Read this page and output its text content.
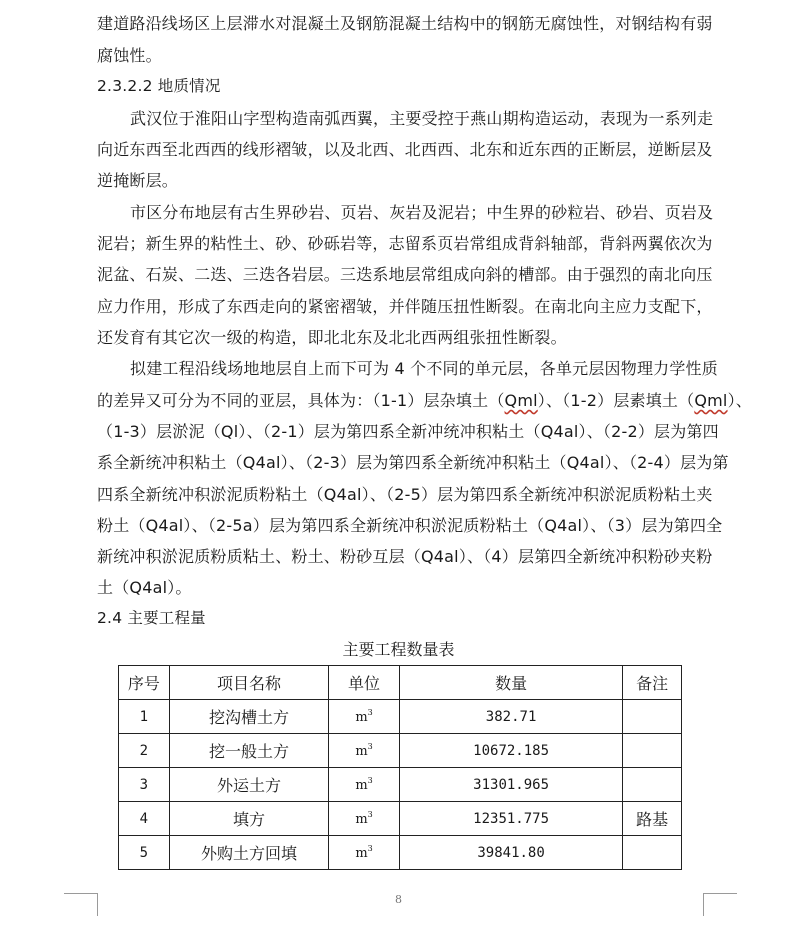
建道路沿线场区上层滞水对混凝土及钢筋混凝土结构中的钢筋无腐蚀性，对钢结构有弱
腐蚀性。
2.3.2.2 地质情况
武汉位于淮阳山字型构造南弧西翼，主要受控于燕山期构造运动，表现为一系列走
向近东西至北西西的线形褶皱，以及北西、北西西、北东和近东西的正断层，逆断层及
逆掩断层。
市区分布地层有古生界砂岩、页岩、灰岩及泥岩；中生界的砂粒岩、砂岩、页岩及
泥岩；新生界的粘性土、砂、砂砾岩等，志留系页岩常组成背斜轴部，背斜两翼依次为
泥盆、石炭、二迭、三迭各岩层。三迭系地层常组成向斜的槽部。由于强烈的南北向压
应力作用，形成了东西走向的紧密褶皱，并伴随压扭性断裂。在南北向主应力支配下，
还发育有其它次一级的构造，即北北东及北北西两组张扭性断裂。
拟建工程沿线场地地层自上而下可为 4 个不同的单元层，各单元层因物理力学性质
的差异又可分为不同的亚层，具体为：（1-1）层杂填土（Qml）、（1-2）层素填土（Qml）、
（1-3）层淤泥（Ql）、（2-1）层为第四系全新冲统冲积粘土（Q4al）、（2-2）层为第四
系全新统冲积粘土（Q4al）、（2-3）层为第四系全新统冲积粘土（Q4al）、（2-4）层为第
四系全新统冲积淤泥质粉粘土（Q4al）、（2-5）层为第四系全新统冲积淤泥质粉粘土夹
粉土（Q4al）、（2-5a）层为第四系全新统冲积淤泥质粉粘土（Q4al）、（3）层为第四全
新统冲积淤泥质粉质粘土、粉土、粉砂互层（Q4al）、（4）层第四全新统冲积粉砂夹粉
土（Q4al）。
2.4 主要工程量
主要工程数量表
序号	项目名称	单位	数量	备注
1	挖沟槽土方	$m^3$	382.71	
2	挖一般土方	$m^3$	10672.185	
3	外运土方	$m^3$	31301.965	
4	填方	$m^3$	12351.775	路基
5	外购土方回填	$m^3$	39841.80	
8
